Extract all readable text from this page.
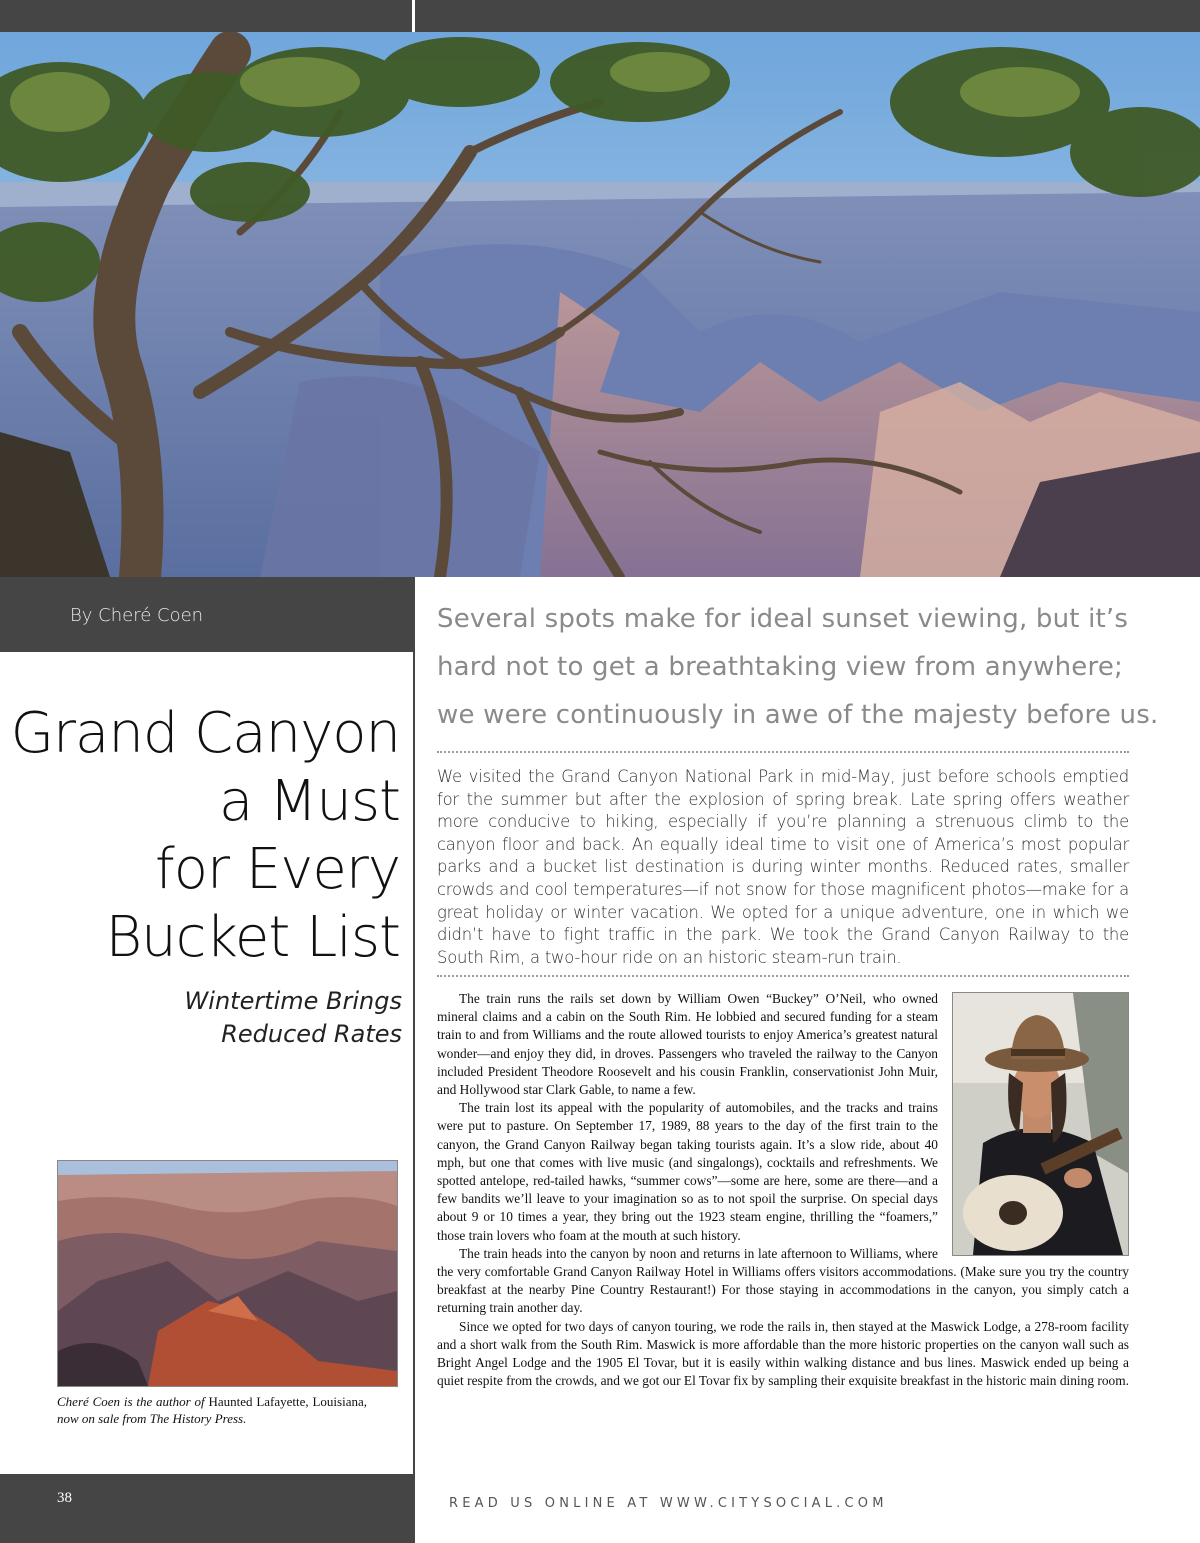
By Cheré Coen
Grand Canyon
a Must
for Every
Bucket List
Wintertime Brings
Reduced Rates
Cheré Coen is the author of Haunted Lafayette, Louisiana, now on sale from The History Press.
38
Several spots make for ideal sunset viewing, but it’s hard not to get a breathtaking view from anywhere; we were continuously in awe of the majesty before us.
We visited the Grand Canyon National Park in mid-May, just before schools emptied for the summer but after the explosion of spring break. Late spring offers weather more conducive to hiking, especially if you’re planning a strenuous climb to the canyon floor and back. An equally ideal time to visit one of America’s most popular parks and a bucket list destination is during winter months. Reduced rates, smaller crowds and cool temperatures—if not snow for those magnificent photos—make for a great holiday or winter vacation. We opted for a unique adventure, one in which we didn’t have to fight traffic in the park. We took the Grand Canyon Railway to the South Rim, a two-hour ride on an historic steam-run train.

The train runs the rails set down by William Owen “Buckey” O’Neil, who owned mineral claims and a cabin on the South Rim. He lobbied and secured funding for a steam train to and from Williams and the route allowed tourists to enjoy America’s greatest natural wonder—and enjoy they did, in droves. Passengers who traveled the railway to the Canyon included President Theodore Roosevelt and his cousin Franklin, conservationist John Muir, and Hollywood star Clark Gable, to name a few.

The train lost its appeal with the popularity of automobiles, and the tracks and trains were put to pasture. On September 17, 1989, 88 years to the day of the first train to the canyon, the Grand Canyon Railway began taking tourists again. It’s a slow ride, about 40 mph, but one that comes with live music (and singalongs), cocktails and refreshments. We spotted antelope, red-tailed hawks, “summer cows”—some are here, some are there—and a few bandits we’ll leave to your imagination so as to not spoil the surprise. On special days about 9 or 10 times a year, they bring out the 1923 steam engine, thrilling the “foamers,” those train lovers who foam at the mouth at such history.

The train heads into the canyon by noon and returns in late afternoon to Williams, where the very comfortable Grand Canyon Railway Hotel in Williams offers visitors accommodations. (Make sure you try the country breakfast at the nearby Pine Country Restaurant!) For those staying in accommodations in the canyon, you simply catch a returning train another day.

Since we opted for two days of canyon touring, we rode the rails in, then stayed at the Maswick Lodge, a 278-room facility and a short walk from the South Rim. Maswick is more affordable than the more historic properties on the canyon wall such as Bright Angel Lodge and the 1905 El Tovar, but it is easily within walking distance and bus lines. Maswick ended up being a quiet respite from the crowds, and we got our El Tovar fix by sampling their exquisite breakfast in the historic main dining room.

READ US ONLINE AT WWW.CITYSOCIAL.COM
